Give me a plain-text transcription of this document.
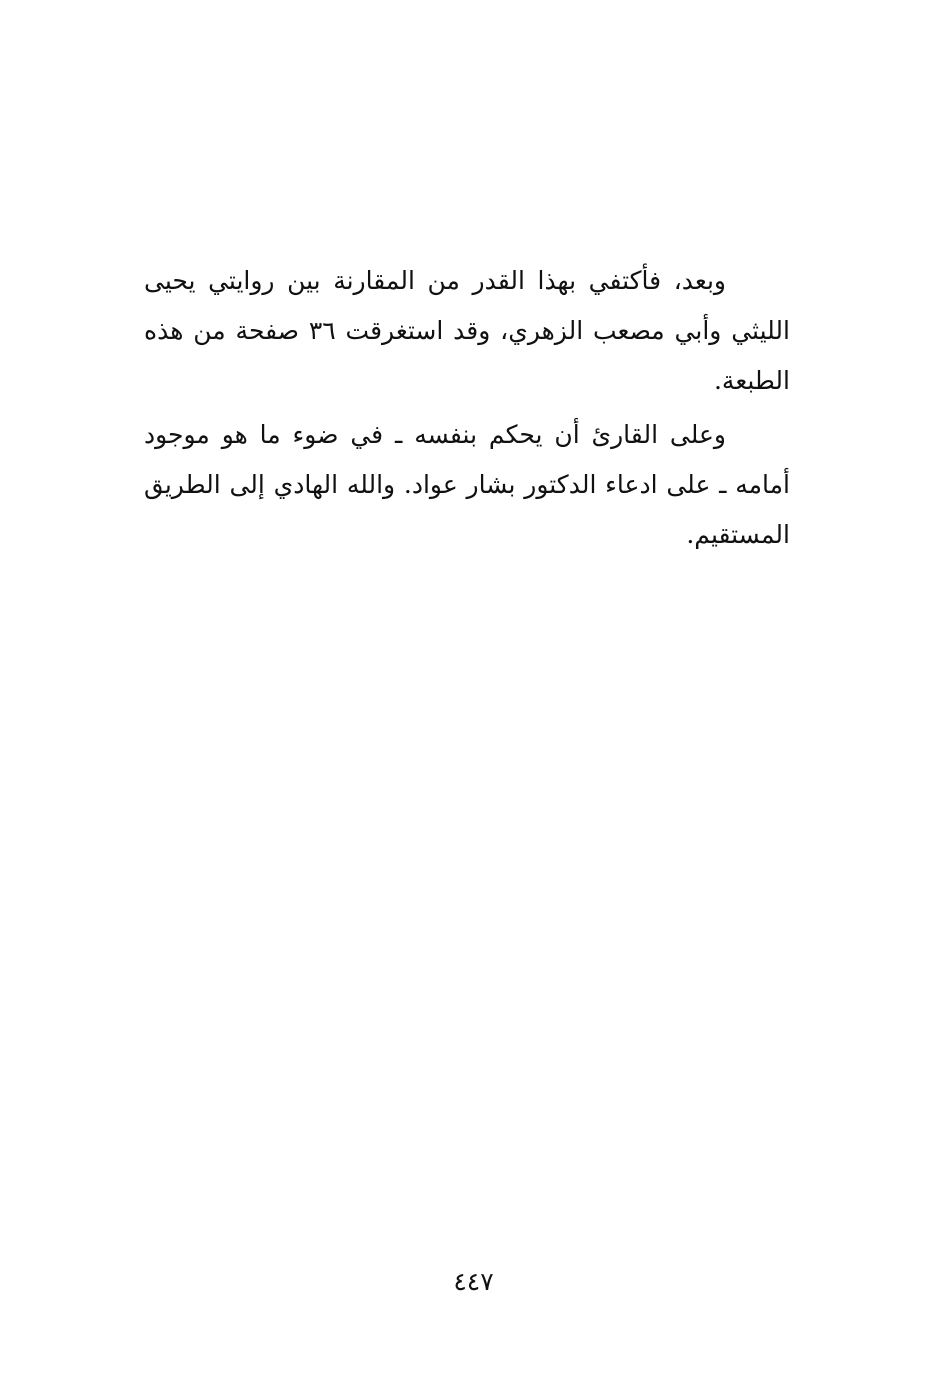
وبعد، فأكتفي بهذا القدر من المقارنة بين روايتي يحيى
الليثي وأبي مصعب الزهري، وقد استغرقت ٣٦ صفحة من هذه
الطبعة.
وعلى القارئ أن يحكم بنفسه ـ في ضوء ما هو موجود
أمامه ـ على ادعاء الدكتور بشار عواد. والله الهادي إلى الطريق
المستقيم.
٤٤٧
